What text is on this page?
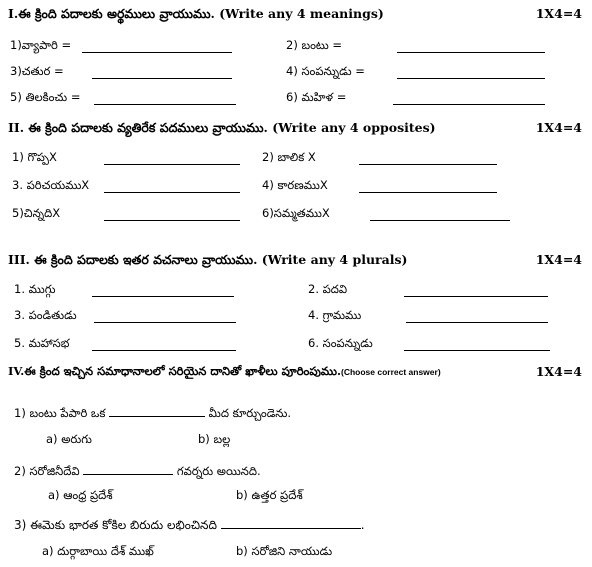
I.ఈ క్రింది పదాలకు అర్థములు వ్రాయుము. (Write any 4 meanings)	1X4=4
1)వ్యాపారి =	2) బంటు =
3)చతుర =	4) సంపన్నుడు =
5) తిలకించు =	6) మహిళ =
II. ఈ క్రింది పదాలకు వ్యతిరేక పదములు వ్రాయుము. (Write any 4 opposites)	1X4=4
1) గొప్పX	2) బాలిక X
3. పరిచయముX	4) కారణముX
5)చిన్నదిX	6)సమ్మతముX
III. ఈ క్రింది పదాలకు ఇతర వచనాలు వ్రాయుము. (Write any 4 plurals)	1X4=4
1. ముగ్గు	2. పదవి
3. పండితుడు	4. గ్రామము
5. మహాసభ	6. సంపన్నుడు
IV.ఈ క్రింద ఇచ్చిన సమాధానాలలో సరియైన దానితో ఖాళీలు పూరింపుము.(Choose correct answer)	1X4=4
1) బంటు పేపారి ఒక	మీద కూర్చుండెను.
a) అరుగు	b) బల్ల
2) సరోజినీదేవి	గవర్నరు అయినది.
a) ఆంధ్ర ప్రదేశ్	b) ఉత్తర ప్రదేశ్
3) ఈమెకు భారత కోకిల బిరుదు లభించినది	.
a) దుర్గాబాయి దేశ్ ముఖ్	b) సరోజిని నాయుడు
